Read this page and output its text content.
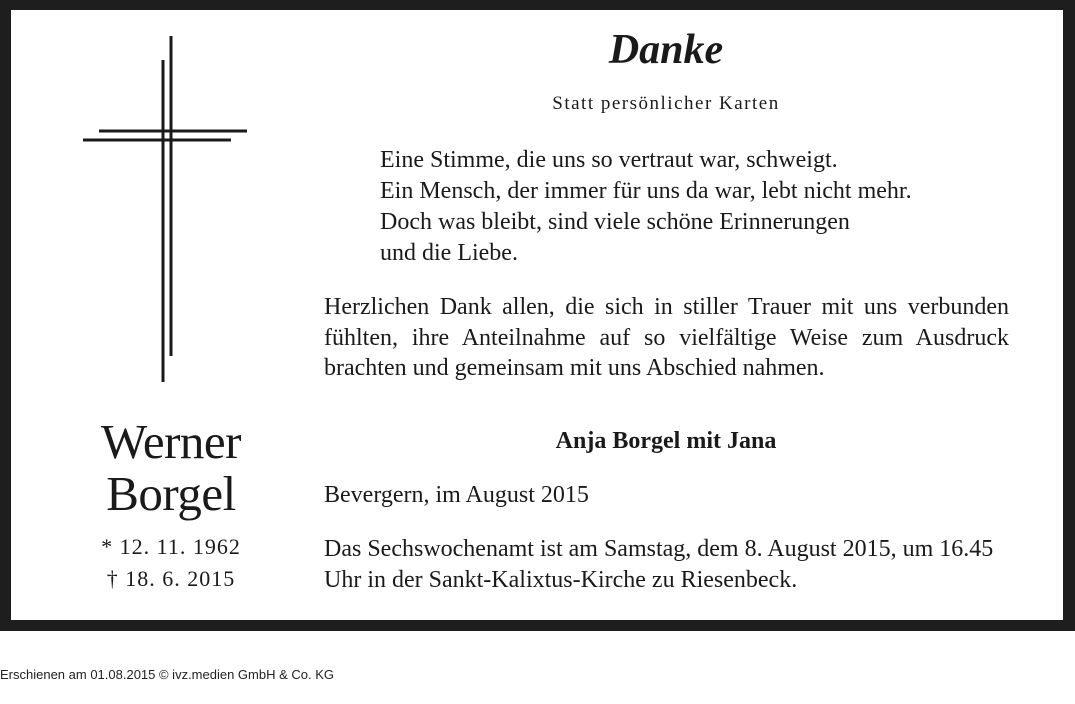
Werner
Borgel
* 12. 11. 1962
† 18. 6. 2015
Danke
Statt persönlicher Karten
Eine Stimme, die uns so vertraut war, schweigt.
Ein Mensch, der immer für uns da war, lebt nicht mehr.
Doch was bleibt, sind viele schöne Erinnerungen
und die Liebe.
Herzlichen Dank allen, die sich in stiller Trauer mit uns verbunden fühlten, ihre Anteilnahme auf so vielfältige Weise zum Ausdruck brachten und gemeinsam mit uns Abschied nahmen.
Anja Borgel mit Jana
Bevergern, im August 2015
Das Sechswochenamt ist am Samstag, dem 8. August 2015, um 16.45 Uhr in der Sankt-Kalixtus-Kirche zu Riesenbeck.
Erschienen am 01.08.2015 © ivz.medien GmbH & Co. KG
